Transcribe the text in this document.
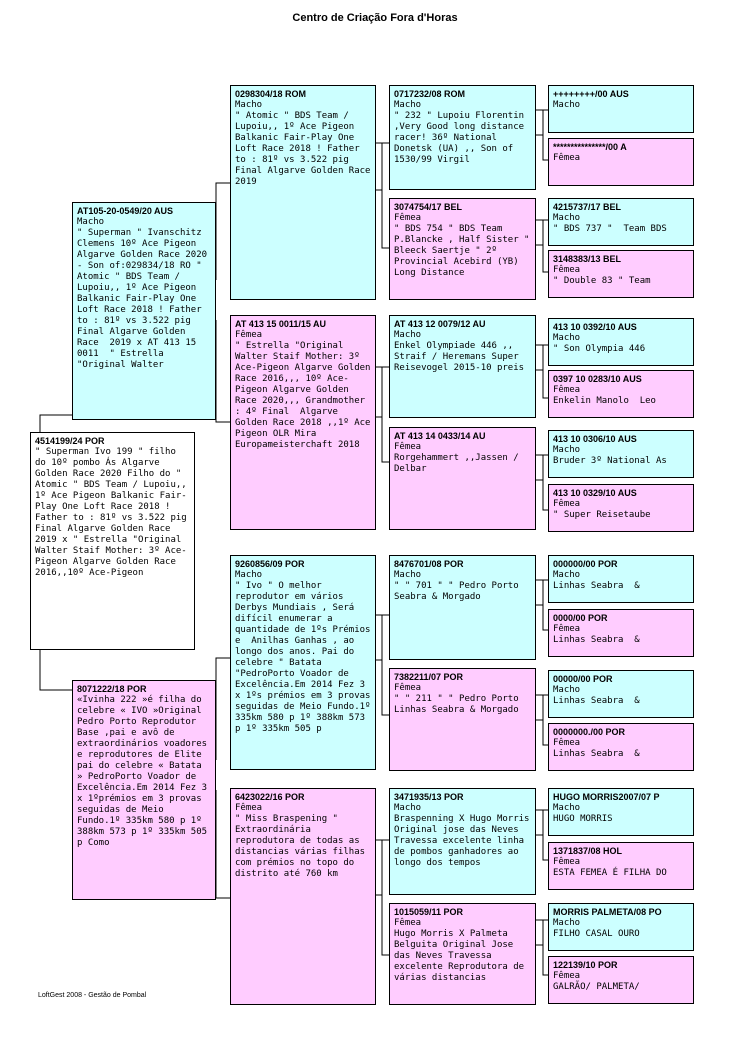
Centro de Criação Fora d'Horas
4514199/24 POR
" Superman Ivo 199 " filho do 10º pombo Ás Algarve Golden Race 2020 Filho do " Atomic " BDS Team / Lupoiu,, 1º Ace Pigeon Balkanic Fair-Play One Loft Race 2018 ! Father to : 81º vs 3.522 pig Final Algarve Golden Race  2019 x " Estrella "Original Walter Staif Mother: 3º Ace-Pigeon Algarve Golden Race 2016,,10º Ace-Pigeon
AT105-20-0549/20 AUS
Macho
" Superman " Ivanschitz Clemens 10º Ace Pigeon Algarve Golden Race 2020 - Son of:029834/18 RO " Atomic " BDS Team / Lupoiu,, 1º Ace Pigeon Balkanic Fair-Play One Loft Race 2018 ! Father to : 81º vs 3.522 pig Final Algarve Golden Race  2019 x AT 413 15 0011  " Estrella "Original Walter
8071222/18 POR
«Ivinha 222 »é filha do celebre « IVO »Original Pedro Porto Reprodutor Base ,pai e avô de extraordinários voadores e reprodutores de Elite pai do celebre « Batata » PedroPorto Voador de Excelência.Em 2014 Fez 3 x 1ºprémios em 3 provas seguidas de Meio Fundo.1º 335km 580 p 1º 388km 573 p 1º 335km 505 p Como
0298304/18 ROM
Macho
" Atomic " BDS Team / Lupoiu,, 1º Ace Pigeon Balkanic Fair-Play One Loft Race 2018 ! Father to : 81º vs 3.522 pig Final Algarve Golden Race  2019
AT 413 15 0011/15 AU
Fêmea
" Estrella "Original Walter Staif Mother: 3º Ace-Pigeon Algarve Golden Race 2016,,, 10º Ace-Pigeon Algarve Golden Race 2020,,, Grandmother : 4º Final  Algarve Golden Race 2018 ,,1º Ace Pigeon OLR Mira Europameisterchaft 2018
9260856/09 POR
Macho
" Ivo " O melhor reprodutor em vários Derbys Mundiais , Será difícil enumerar a quantidade de 1ºs Prémios e  Anilhas Ganhas , ao longo dos anos. Pai do celebre " Batata "PedroPorto Voador de Excelência.Em 2014 Fez 3 x 1ºs prémios em 3 provas seguidas de Meio Fundo.1º 335km 580 p 1º 388km 573 p 1º 335km 505 p
6423022/16 POR
Fêmea
" Miss Braspening " Extraordinária reprodutora de todas as distancias várias filhas com prémios no topo do distrito até 760 km
0717232/08 ROM
Macho
" 232 " Lupoiu Florentin ,Very Good long distance racer! 36º National Donetsk (UA) ,, Son of 1530/99 Virgil
3074754/17 BEL
Fêmea
" BDS 754 " BDS Team P.Blancke , Half Sister " Bleeck Saertje " 2º Provincial Acebird (YB) Long Distance
AT 413 12 0079/12 AU
Macho
Enkel Olympiade 446 ,, Straif / Heremans Super Reisevogel 2015-10 preis
AT 413 14 0433/14 AU
Fêmea
Rorgehammert ,,Jassen / Delbar
8476701/08 POR
Macho
" " 701 " " Pedro Porto  Seabra & Morgado
7382211/07 POR
Fêmea
" " 211 " " Pedro Porto Linhas Seabra & Morgado
3471935/13 POR
Macho
Braspenning X Hugo Morris Original jose das Neves Travessa excelente linha de pombos ganhadores ao longo dos tempos
1015059/11 POR
Fêmea
Hugo Morris X Palmeta Belguita Original Jose das Neves Travessa excelente Reprodutora de várias distancias
++++++++/00 AUS
Macho
***************/00 A
Fêmea
4215737/17 BEL
Macho
" BDS 737 "  Team BDS
3148383/13 BEL
Fêmea
" Double 83 " Team
413 10 0392/10 AUS
Macho
" Son Olympia 446
0397 10 0283/10 AUS
Fêmea
Enkelin Manolo  Leo
413 10 0306/10 AUS
Macho
Bruder 3º National As
413 10 0329/10 AUS
Fêmea
" Super Reisetaube
000000/00 POR
Macho
Linhas Seabra  &
0000/00 POR
Fêmea
Linhas Seabra  &
00000/00 POR
Macho
Linhas Seabra  &
0000000./00 POR
Fêmea
Linhas Seabra  &
HUGO MORRIS2007/07 P
Macho
HUGO MORRIS
1371837/08 HOL
Fêmea
ESTA FEMEA É FILHA DO
MORRIS PALMETA/08 PO
Macho
FILHO CASAL OURO
122139/10 POR
Fêmea
GALRÃO/ PALMETA/
LoftGest 2008 - Gestão de Pombal
